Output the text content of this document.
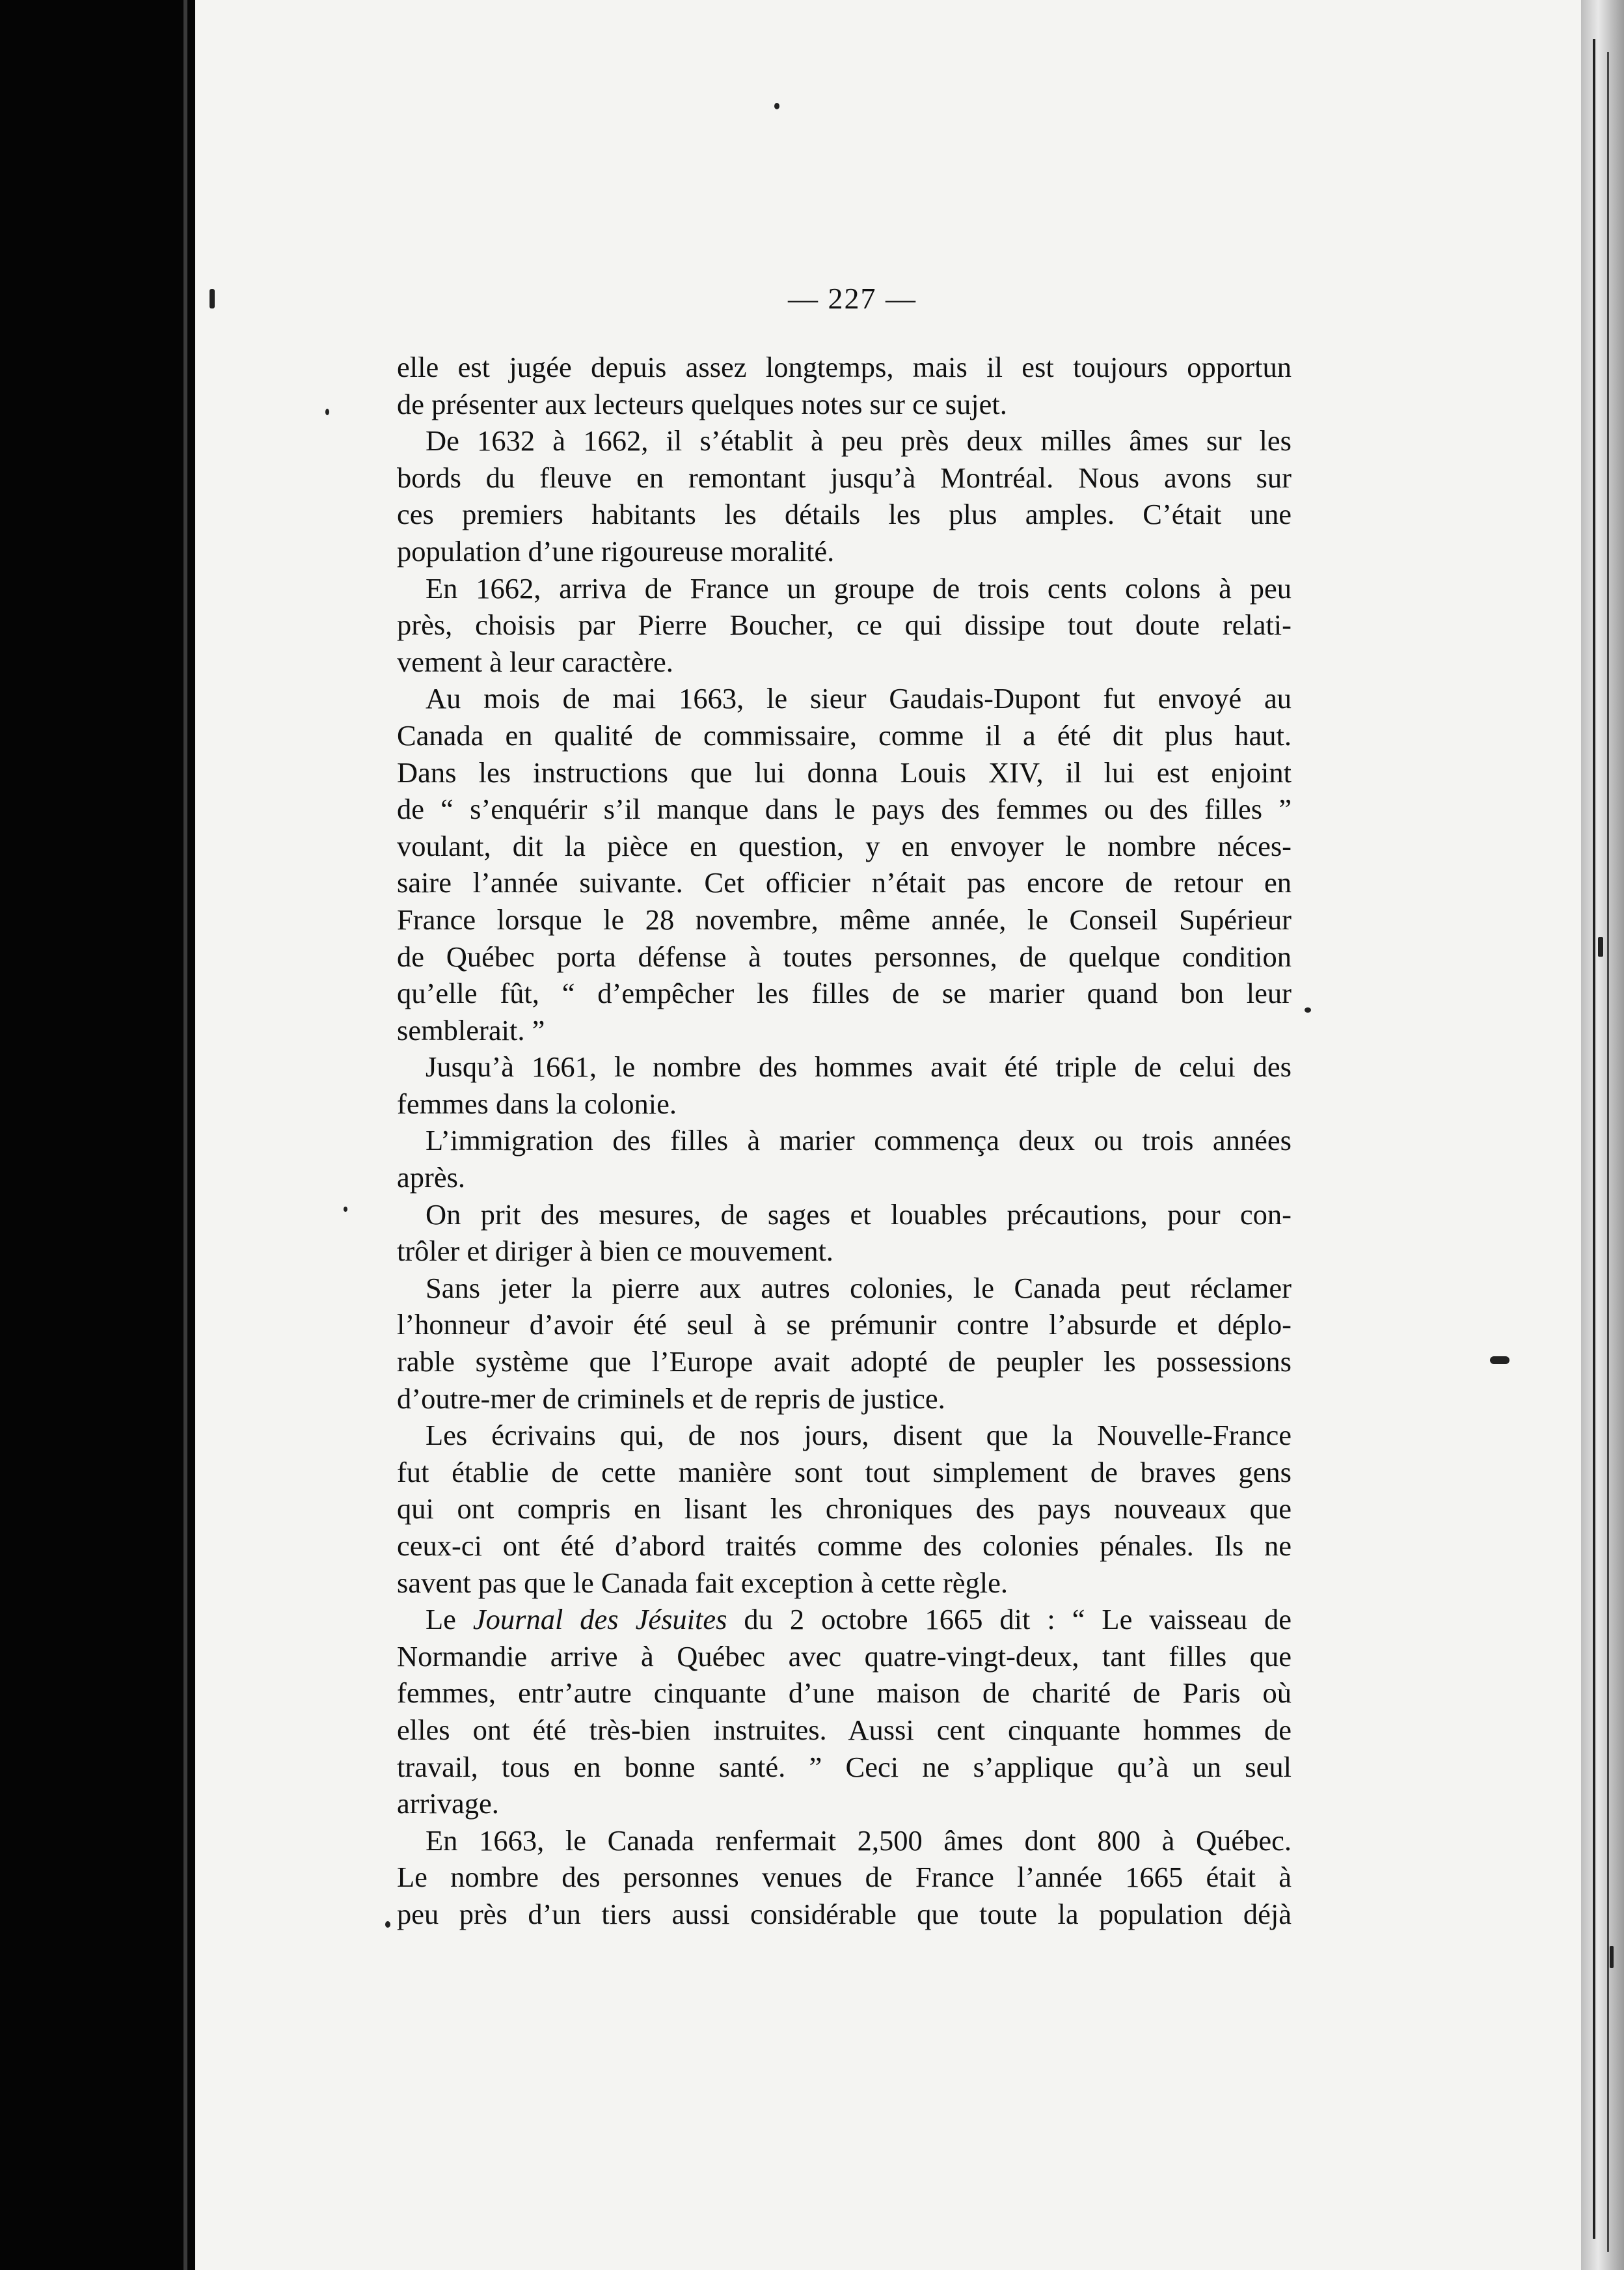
— 227 —
elle est jugée depuis assez longtemps, mais il est toujours opportun
de présenter aux lecteurs quelques notes sur ce sujet.
De 1632 à 1662, il s’établit à peu près deux milles âmes sur les
bords du fleuve en remontant jusqu’à Montréal. Nous avons sur
ces premiers habitants les détails les plus amples. C’était une
population d’une rigoureuse moralité.
En 1662, arriva de France un groupe de trois cents colons à peu
près, choisis par Pierre Boucher, ce qui dissipe tout doute relati-
vement à leur caractère.
Au mois de mai 1663, le sieur Gaudais-Dupont fut envoyé au
Canada en qualité de commissaire, comme il a été dit plus haut.
Dans les instructions que lui donna Louis XIV, il lui est enjoint
de “ s’enquérir s’il manque dans le pays des femmes ou des filles ”
voulant, dit la pièce en question, y en envoyer le nombre néces-
saire l’année suivante. Cet officier n’était pas encore de retour en
France lorsque le 28 novembre, même année, le Conseil Supérieur
de Québec porta défense à toutes personnes, de quelque condition
qu’elle fût, “ d’empêcher les filles de se marier quand bon leur
semblerait. ”
Jusqu’à 1661, le nombre des hommes avait été triple de celui des
femmes dans la colonie.
L’immigration des filles à marier commença deux ou trois années
après.
On prit des mesures, de sages et louables précautions, pour con-
trôler et diriger à bien ce mouvement.
Sans jeter la pierre aux autres colonies, le Canada peut réclamer
l’honneur d’avoir été seul à se prémunir contre l’absurde et déplo-
rable système que l’Europe avait adopté de peupler les possessions
d’outre-mer de criminels et de repris de justice.
Les écrivains qui, de nos jours, disent que la Nouvelle-France
fut établie de cette manière sont tout simplement de braves gens
qui ont compris en lisant les chroniques des pays nouveaux que
ceux-ci ont été d’abord traités comme des colonies pénales. Ils ne
savent pas que le Canada fait exception à cette règle.
Le Journal des Jésuites du 2 octobre 1665 dit : “ Le vaisseau de
Normandie arrive à Québec avec quatre-vingt-deux, tant filles que
femmes, entr’autre cinquante d’une maison de charité de Paris où
elles ont été très-bien instruites. Aussi cent cinquante hommes de
travail, tous en bonne santé. ” Ceci ne s’applique qu’à un seul
arrivage.
En 1663, le Canada renfermait 2,500 âmes dont 800 à Québec.
Le nombre des personnes venues de France l’année 1665 était à
peu près d’un tiers aussi considérable que toute la population déjà
